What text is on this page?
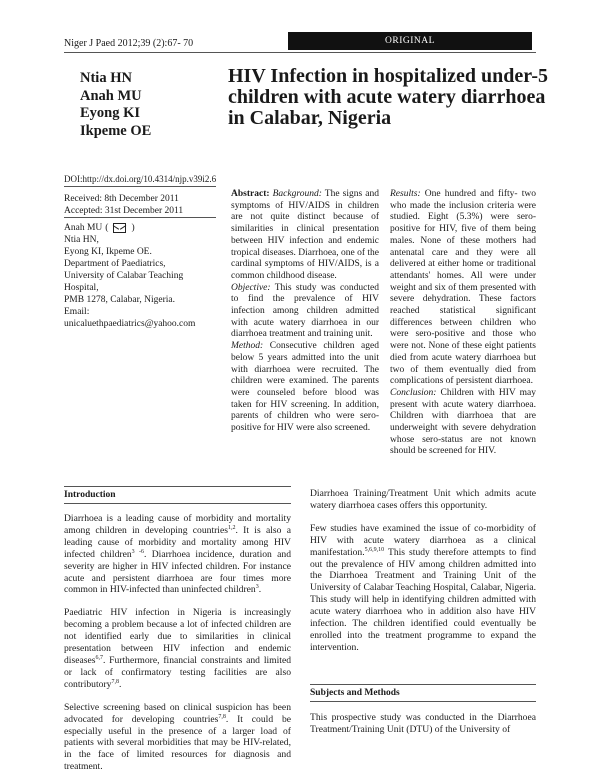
Niger J Paed 2012;39 (2):67- 70	ORIGINAL
Ntia HN
Anah MU
Eyong KI
Ikpeme OE
HIV Infection in hospitalized under-5 children with acute watery diarrhoea in Calabar, Nigeria
DOI:http://dx.doi.org/10.4314/njp.v39i2.6
Received: 8th December 2011
Accepted: 31st December 2011
Anah MU ( )
Ntia HN,
Eyong KI, Ikpeme OE.
Department of Paediatrics,
University of Calabar Teaching
Hospital,
PMB 1278, Calabar, Nigeria.
Email:
unicaluethpaediatrics@yahoo.com

Abstract: Background: The signs and symptoms of HIV/AIDS in children are not quite distinct because of similarities in clinical presentation between HIV infection and endemic tropical diseases. Diarrhoea, one of the cardinal symptoms of HIV/AIDS, is a common childhood disease.

Objective: This study was conducted to find the prevalence of HIV infection among children admitted with acute watery diarrhoea in our diarrhoea treatment and training unit.

Method: Consecutive children aged below 5 years admitted into the unit with diarrhoea were recruited. The children were examined. The parents were counseled before blood was taken for HIV screening. In addition, parents of children who were sero-positive for HIV were also screened.

Results: One hundred and fifty- two who made the inclusion criteria were studied. Eight (5.3%) were sero-positive for HIV, five of them being males. None of these mothers had antenatal care and they were all delivered at either home or traditional attendants' homes. All were under weight and six of them presented with severe dehydration. These factors reached statistical significant differences between children who were sero-positive and those who were not. None of these eight patients died from acute watery diarrhoea but two of them eventually died from complications of persistent diarrhoea.

Conclusion: Children with HIV may present with acute watery diarrhoea. Children with diarrhoea that are underweight with severe dehydration whose sero-status are not known should be screened for HIV.

Introduction

Diarrhoea is a leading cause of morbidity and mortality among children in developing countries$^{1,2}$. It is also a leading cause of morbidity and mortality among HIV infected children$^{3 -6}$. Diarrhoea incidence, duration and severity are higher in HIV infected children. For instance acute and persistent diarrhoea are four times more common in HIV-infected than uninfected children$^3$.

Paediatric HIV infection in Nigeria is increasingly becoming a problem because a lot of infected children are not identified early due to similarities in clinical presentation between HIV infection and endemic diseases$^{6,7}$. Furthermore, financial constraints and limited or lack of confirmatory testing facilities are also contributory$^{7,8}$.

Selective screening based on clinical suspicion has been advocated for developing countries$^{7,8}$. It could be especially useful in the presence of a larger load of patients with several morbidities that may be HIV-related, in the face of limited resources for diagnosis and treatment.

Diarrhoea Training/Treatment Unit which admits acute watery diarrhoea cases offers this opportunity.

Few studies have examined the issue of co-morbidity of HIV with acute watery diarrhoea as a clinical manifestation.$^{5,6,9,10}$ This study therefore attempts to find out the prevalence of HIV among children admitted into the Diarrhoea Treatment and Training Unit of the University of Calabar Teaching Hospital, Calabar, Nigeria. This study will help in identifying children admitted with acute watery diarrhoea who in addition also have HIV infection. The children identified could eventually be enrolled into the treatment programme to expand the intervention.

Subjects and Methods

This prospective study was conducted in the Diarrhoea Treatment/Training Unit (DTU) of the University of
